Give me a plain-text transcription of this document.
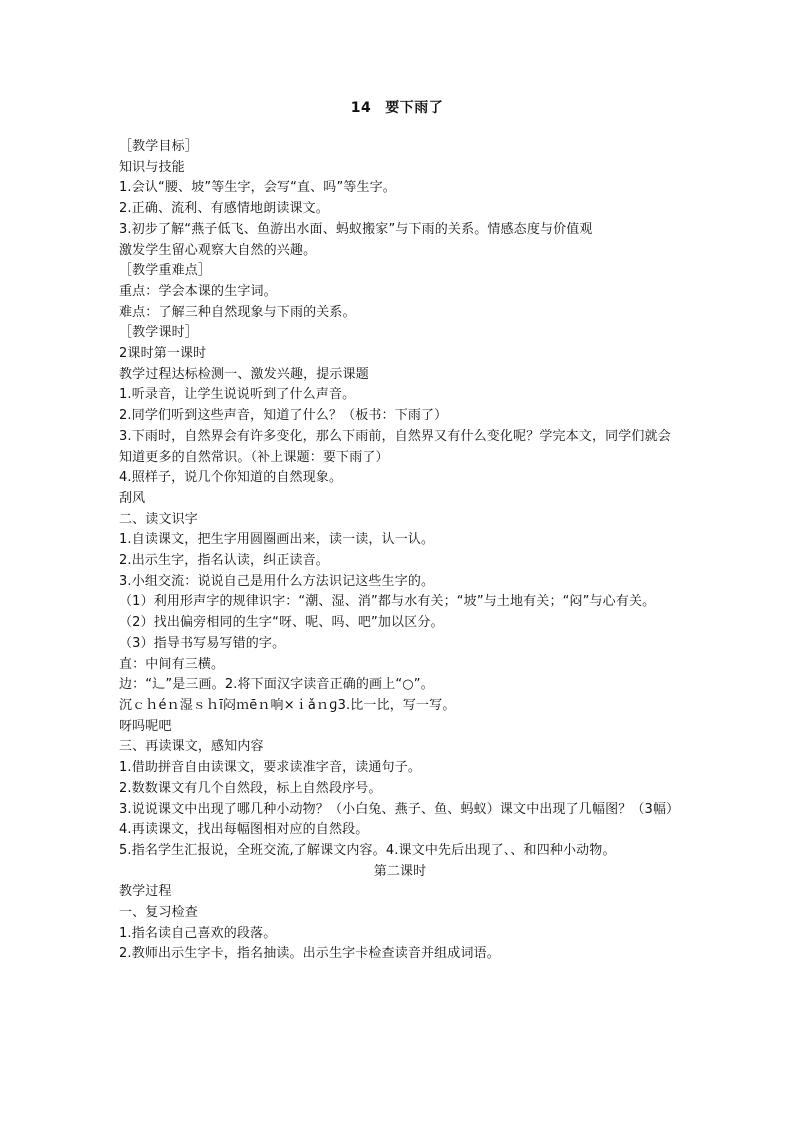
14 要下雨了

［教学目标］

知识与技能

1.会认“腰、坡”等生字，会写“直、吗”等生字。

2.正确、流利、有感情地朗读课文。

3.初步了解“燕子低飞、鱼游出水面、蚂蚁搬家”与下雨的关系。情感态度与价值观

激发学生留心观察大自然的兴趣。

［教学重难点］

重点：学会本课的生字词。

难点：了解三种自然现象与下雨的关系。

［教学课时］

2课时第一课时

教学过程达标检测一、激发兴趣，提示课题

1.听录音，让学生说说听到了什么声音。

2.同学们听到这些声音，知道了什么？（板书：下雨了）

3.下雨时，自然界会有许多变化，那么下雨前，自然界又有什么变化呢？学完本文，同学们就会知道更多的自然常识。（补上课题：要下雨了）

4.照样子，说几个你知道的自然现象。

刮风

二、读文识字

1.自读课文，把生字用圆圈画出来，读一读，认一认。

2.出示生字，指名认读，纠正读音。

3.小组交流：说说自己是用什么方法识记这些生字的。

（1）利用形声字的规律识字：“潮、湿、消”都与水有关；“坡”与土地有关；“闷”与心有关。

（2）找出偏旁相同的生字“呀、呢、吗、吧”加以区分。

（3）指导书写易写错的字。

直：中间有三横。

边：“辶”是三画。2.将下面汉字读音正确的画上“○”。

沉ｃｈéｎ湿ｓｈī闷ｍēｎ响×ｉǎｎɡ3.比一比，写一写。

呀吗呢吧

三、再读课文，感知内容

1.借助拼音自由读课文，要求读准字音，读通句子。

2.数数课文有几个自然段，标上自然段序号。

3.说说课文中出现了哪几种小动物？（小白兔、燕子、鱼、蚂蚁）课文中出现了几幅图？（3幅）

4.再读课文，找出每幅图相对应的自然段。

5.指名学生汇报说，全班交流,了解课文内容。4.课文中先后出现了、、和四种小动物。

第二课时

教学过程

一、复习检查

1.指名读自己喜欢的段落。

2.教师出示生字卡，指名抽读。出示生字卡检查读音并组成词语。
